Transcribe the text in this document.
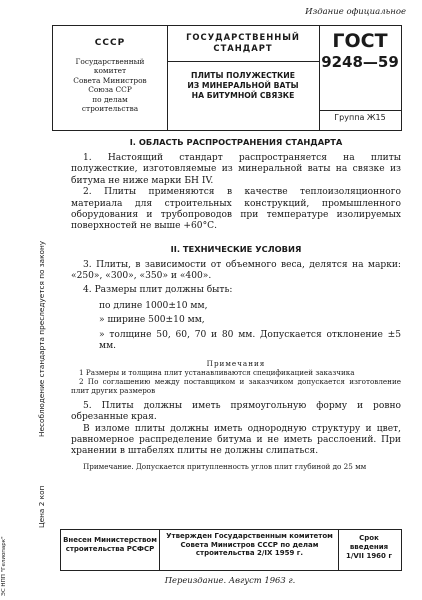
Издание официальное
СССР
Государственный
комитет
Совета Министров
Союза ССР
по делам
строительства
ГОСУДАРСТВЕННЫЙ
СТАНДАРТ
ПЛИТЫ ПОЛУЖЕСТКИЕ
ИЗ МИНЕРАЛЬНОЙ ВАТЫ
НА БИТУМНОЙ СВЯЗКЕ
ГОСТ
9248—59
Группа Ж15
Несоблюдение стандарта преследуется по закону
Цена 2 коп
ЭС НПП "Гелиопарк"
I. ОБЛАСТЬ РАСПРОСТРАНЕНИЯ СТАНДАРТА
1. Настоящий стандарт распространяется на плиты полужесткие, изготовляемые из минеральной ваты на связке из битума не ниже марки БН IV.
2. Плиты применяются в качестве теплоизоляционного материала для строительных конструкций, промышленного оборудования и трубопроводов при температуре изолируемых поверхностей не выше +60°С.
II. ТЕХНИЧЕСКИЕ УСЛОВИЯ
3. Плиты, в зависимости от объемного веса, делятся на марки: «250», «300», «350» и «400».
4. Размеры плит должны быть:
по длине 1000±10 мм,
» ширине 500±10 мм,
» толщине 50, 60, 70 и 80 мм. Допускается отклонение ±5 мм.
Примечания
1 Размеры и толщина плит устанавливаются спецификацией заказчика
2 По соглашению между поставщиком и заказчиком допускается изготовление плит других размеров
5. Плиты должны иметь прямоугольную форму и ровно обрезанные края.
В изломе плиты должны иметь однородную структуру и цвет, равномерное распределение битума и не иметь расслоений. При хранении в штабелях плиты не должны слипаться.
Примечание. Допускается притупленность углов плит глубиной до 25 мм
Внесен Министерством строительства РСФСР
Утвержден Государственным комитетом Совета Министров СССР по делам строительства 2/IX 1959 г.
Срок введения 1/VII 1960 г
Переиздание. Август 1963 г.
